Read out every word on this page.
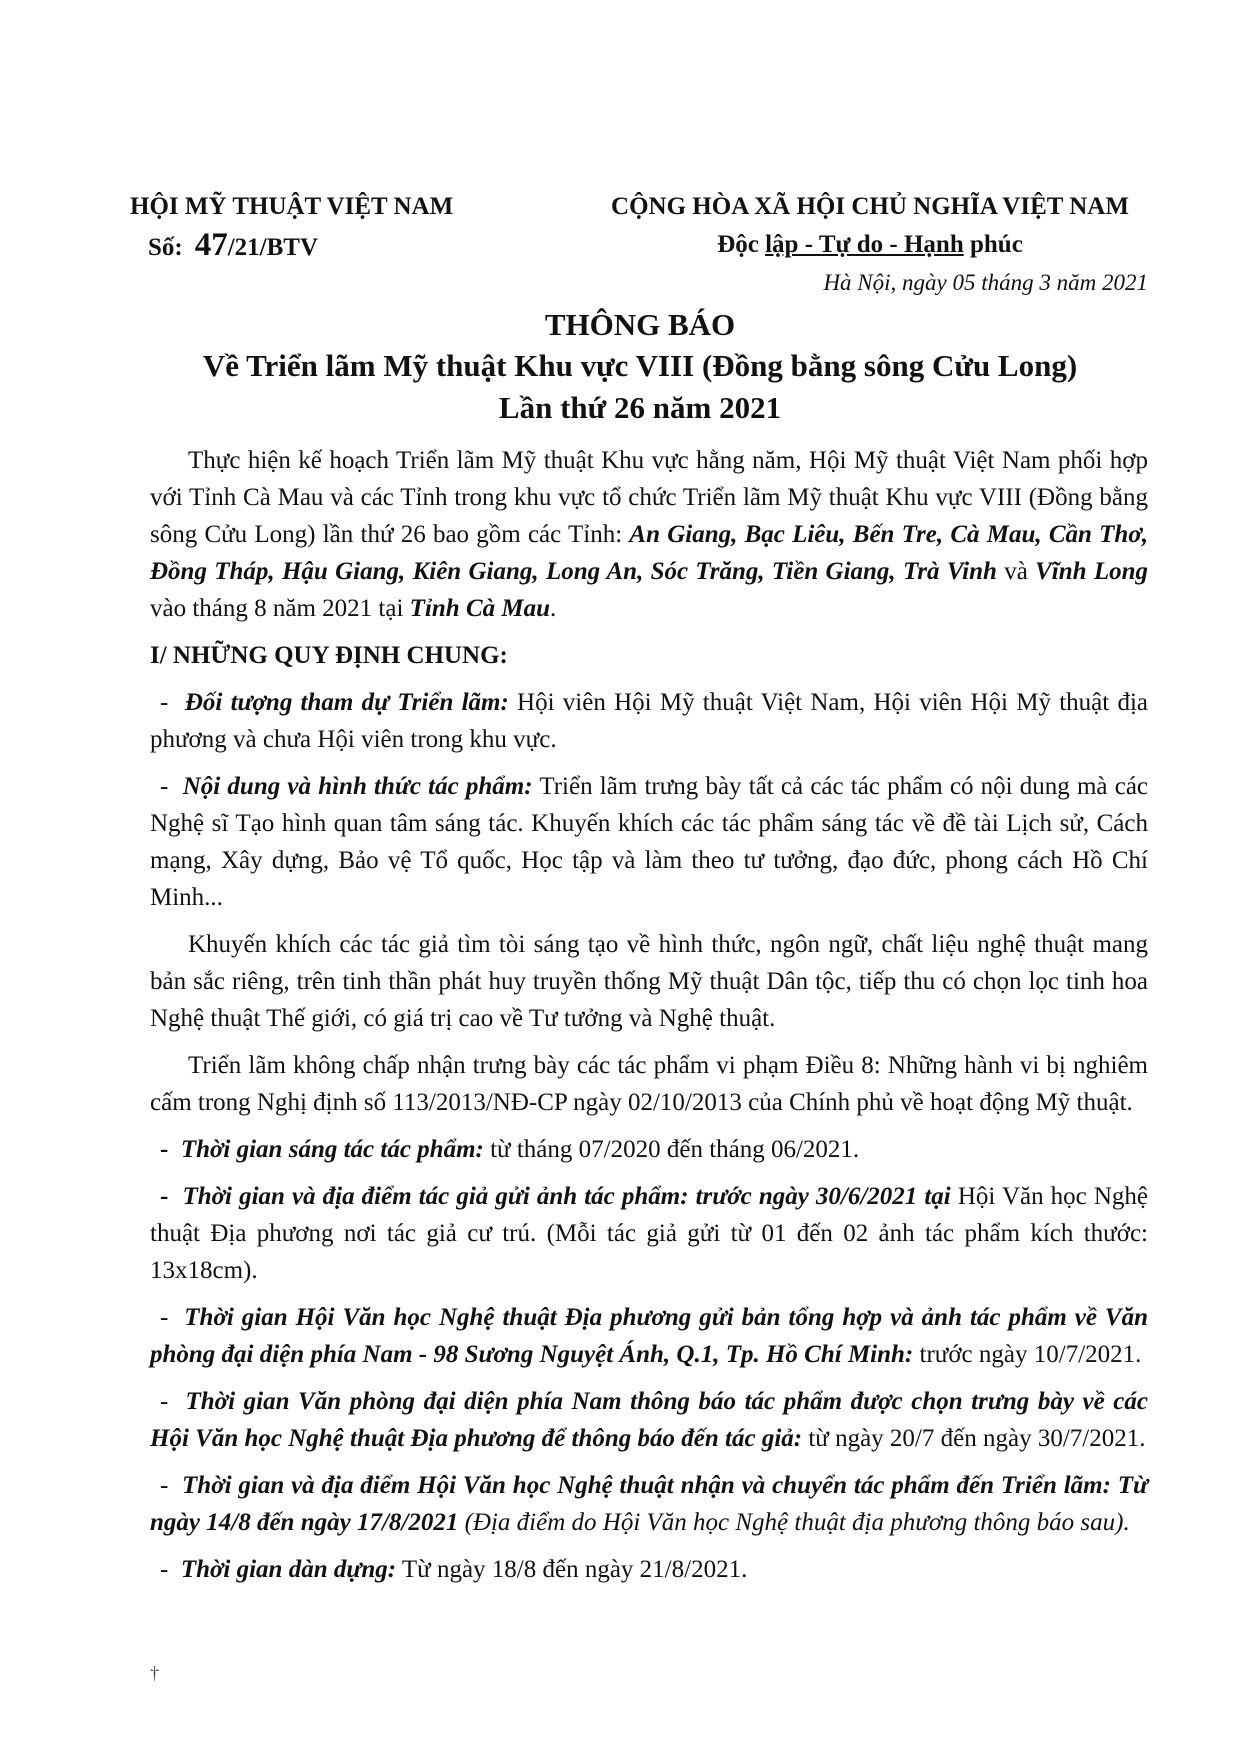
HỘI MỸ THUẬT VIỆT NAM
Số: 47/21/BTV
CỘNG HÒA XÃ HỘI CHỦ NGHĨA VIỆT NAM
Độc lập - Tự do - Hạnh phúc
Hà Nội, ngày 05 tháng 3 năm 2021
THÔNG BÁO
Về Triển lãm Mỹ thuật Khu vực VIII (Đồng bằng sông Cửu Long)
Lần thứ 26 năm 2021

Thực hiện kế hoạch Triển lãm Mỹ thuật Khu vực hằng năm, Hội Mỹ thuật Việt Nam phối hợp với Tỉnh Cà Mau và các Tỉnh trong khu vực tổ chức Triển lãm Mỹ thuật Khu vực VIII (Đồng bằng sông Cửu Long) lần thứ 26 bao gồm các Tỉnh: An Giang, Bạc Liêu, Bến Tre, Cà Mau, Cần Thơ, Đồng Tháp, Hậu Giang, Kiên Giang, Long An, Sóc Trăng, Tiền Giang, Trà Vinh và Vĩnh Long vào tháng 8 năm 2021 tại Tỉnh Cà Mau.

I/ NHỮNG QUY ĐỊNH CHUNG:

- Đối tượng tham dự Triển lãm: Hội viên Hội Mỹ thuật Việt Nam, Hội viên Hội Mỹ thuật địa phương và chưa Hội viên trong khu vực.

- Nội dung và hình thức tác phẩm: Triển lãm trưng bày tất cả các tác phẩm có nội dung mà các Nghệ sĩ Tạo hình quan tâm sáng tác. Khuyến khích các tác phẩm sáng tác về đề tài Lịch sử, Cách mạng, Xây dựng, Bảo vệ Tổ quốc, Học tập và làm theo tư tưởng, đạo đức, phong cách Hồ Chí Minh...

Khuyến khích các tác giả tìm tòi sáng tạo về hình thức, ngôn ngữ, chất liệu nghệ thuật mang bản sắc riêng, trên tinh thần phát huy truyền thống Mỹ thuật Dân tộc, tiếp thu có chọn lọc tinh hoa Nghệ thuật Thế giới, có giá trị cao về Tư tưởng và Nghệ thuật.

Triển lãm không chấp nhận trưng bày các tác phẩm vi phạm Điều 8: Những hành vi bị nghiêm cấm trong Nghị định số 113/2013/NĐ-CP ngày 02/10/2013 của Chính phủ về hoạt động Mỹ thuật.

- Thời gian sáng tác tác phẩm: từ tháng 07/2020 đến tháng 06/2021.

- Thời gian và địa điểm tác giả gửi ảnh tác phẩm: trước ngày 30/6/2021 tại Hội Văn học Nghệ thuật Địa phương nơi tác giả cư trú. (Mỗi tác giả gửi từ 01 đến 02 ảnh tác phẩm kích thước: 13x18cm).

- Thời gian Hội Văn học Nghệ thuật Địa phương gửi bản tổng hợp và ảnh tác phẩm về Văn phòng đại diện phía Nam - 98 Sương Nguyệt Ánh, Q.1, Tp. Hồ Chí Minh: trước ngày 10/7/2021.

- Thời gian Văn phòng đại diện phía Nam thông báo tác phẩm được chọn trưng bày về các Hội Văn học Nghệ thuật Địa phương để thông báo đến tác giả: từ ngày 20/7 đến ngày 30/7/2021.

- Thời gian và địa điểm Hội Văn học Nghệ thuật nhận và chuyển tác phẩm đến Triển lãm: Từ ngày 14/8 đến ngày 17/8/2021 (Địa điểm do Hội Văn học Nghệ thuật địa phương thông báo sau).

- Thời gian dàn dựng: Từ ngày 18/8 đến ngày 21/8/2021.

†
